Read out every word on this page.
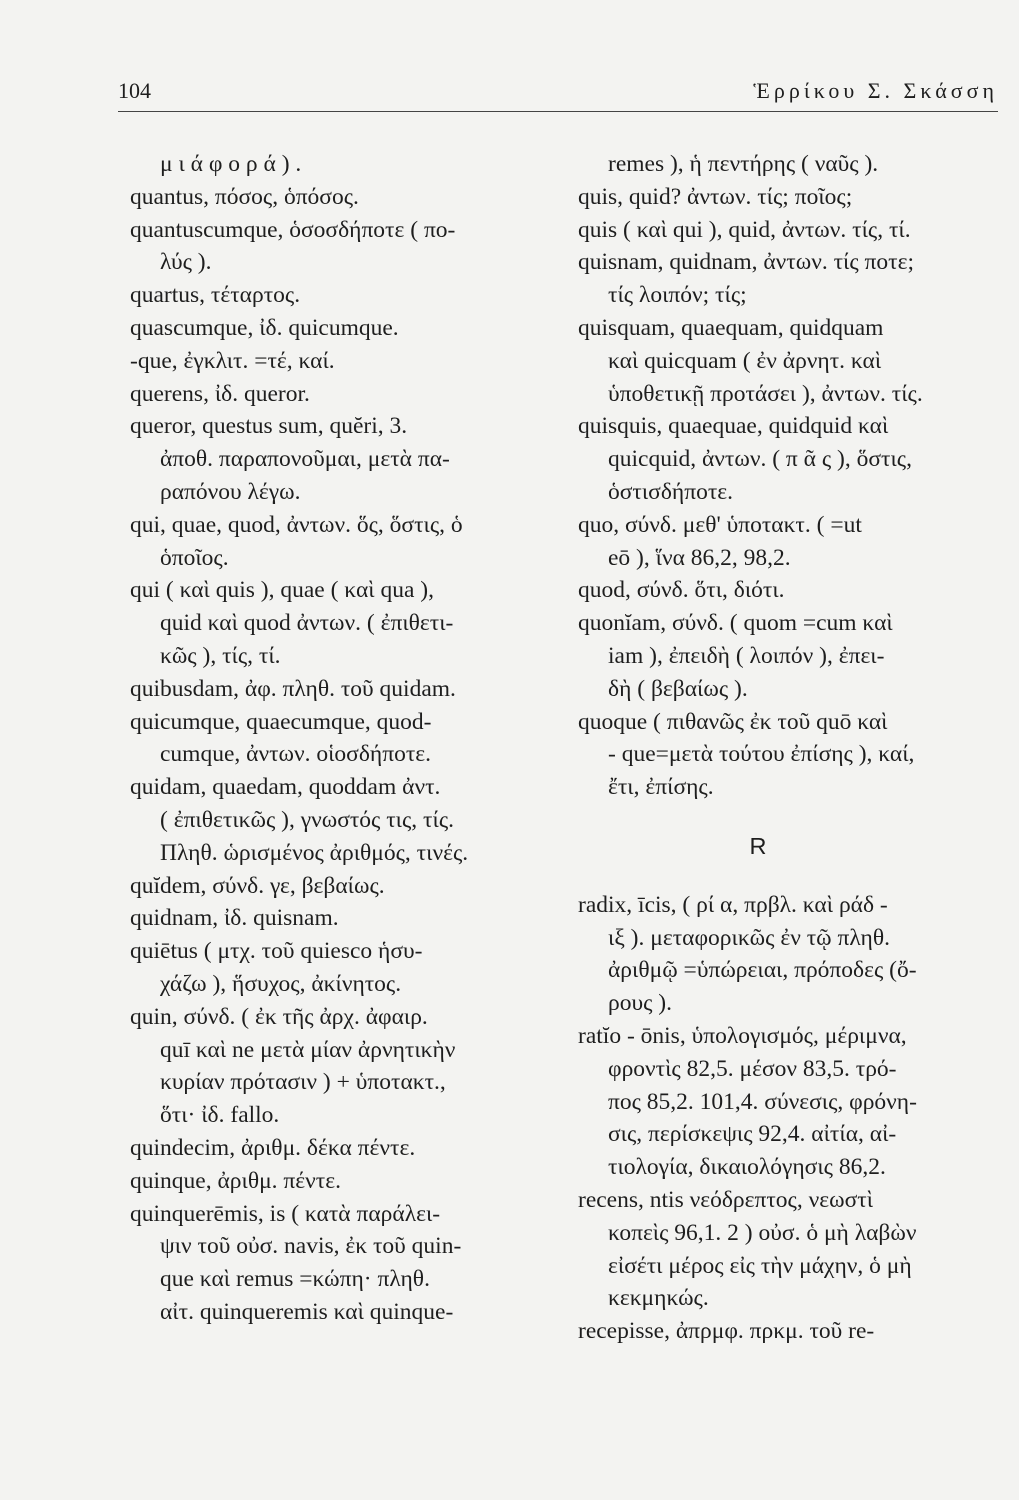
104	Ἑρρίκου Σ. Σκάσση
μ ι ά φ ο ρ ά ) .
quantus, πόσος, ὁπόσος.
quantuscumque, ὁσοσδήποτε ( πο-
λύς ).
quartus, τέταρτος.
quascumque, ἰδ. quicumque.
-que, ἐγκλιτ. =τέ, καί.
querens, ἰδ. queror.
queror, questus sum, quĕri, 3.
ἀποθ. παραπονοῦμαι, μετὰ πα-
ραπόνου λέγω.
qui, quae, quod, ἀντων. ὅς, ὅστις, ὁ
ὁποῖος.
qui ( καὶ quis ), quae ( καὶ qua ),
quid καὶ quod ἀντων. ( ἐπιθετι-
κῶς ), τίς, τί.
quibusdam, ἀφ. πληθ. τοῦ quidam.
quicumque, quaecumque, quod-
cumque, ἀντων. οἱοσδήποτε.
quidam, quaedam, quoddam ἀντ.
( ἐπιθετικῶς ), γνωστός τις, τίς.
Πληθ. ὡρισμένος ἀριθμός, τινές.
quĭdem, σύνδ. γε, βεβαίως.
quidnam, ἰδ. quisnam.
quiētus ( μτχ. τοῦ quiesco ἡσυ-
χάζω ), ἥσυχος, ἀκίνητος.
quin, σύνδ. ( ἐκ τῆς ἀρχ. ἀφαιρ.
quī καὶ ne μετὰ μίαν ἀρνητικὴν
κυρίαν πρότασιν ) + ὑποτακτ.,
ὅτι· ἰδ. fallo.
quindecim, ἀριθμ. δέκα πέντε.
quinque, ἀριθμ. πέντε.
quinquerēmis, is ( κατὰ παράλει-
ψιν τοῦ οὐσ. navis, ἐκ τοῦ quin-
que καὶ remus =κώπη· πληθ.
αἰτ. quinqueremis καὶ quinque-
remes ), ἡ πεντήρης ( ναῦς ).
quis, quid? ἀντων. τίς; ποῖος;
quis ( καὶ qui ), quid, ἀντων. τίς, τί.
quisnam, quidnam, ἀντων. τίς ποτε;
τίς λοιπόν; τίς;
quisquam, quaequam, quidquam
καὶ quicquam ( ἐν ἀρνητ. καὶ
ὑποθετικῇ προτάσει ), ἀντων. τίς.
quisquis, quaequae, quidquid καὶ
quicquid, ἀντων. ( π ᾶ ς ), ὅστις,
ὁστισδήποτε.
quo, σύνδ. μεθ' ὑποτακτ. ( =ut
eō ), ἵνα 86,2, 98,2.
quod, σύνδ. ὅτι, διότι.
quonĭam, σύνδ. ( quom =cum καὶ
iam ), ἐπειδὴ ( λοιπόν ), ἐπει-
δὴ ( βεβαίως ).
quoque ( πιθανῶς ἐκ τοῦ quō καὶ
- que=μετὰ τούτου ἐπίσης ), καί,
ἔτι, ἐπίσης.
R
radix, īcis, ( ρί α, πρβλ. καὶ ράδ -
ιξ ). μεταφορικῶς ἐν τῷ πληθ.
ἀριθμῷ =ὑπώρειαι, πρόποδες (ὄ-
ρους ).
ratĭo - ōnis, ὑπολογισμός, μέριμνα,
φροντὶς 82,5. μέσον 83,5. τρό-
πος 85,2. 101,4. σύνεσις, φρόνη-
σις, περίσκεψις 92,4. αἰτία, αἰ-
τιολογία, δικαιολόγησις 86,2.
recens, ntis νεόδρεπτος, νεωστὶ
κοπεὶς 96,1. 2 ) οὐσ. ὁ μὴ λαβὼν
εἰσέτι μέρος εἰς τὴν μάχην, ὁ μὴ
κεκμηκώς.
recepisse, ἀπρμφ. πρκμ. τοῦ re-
